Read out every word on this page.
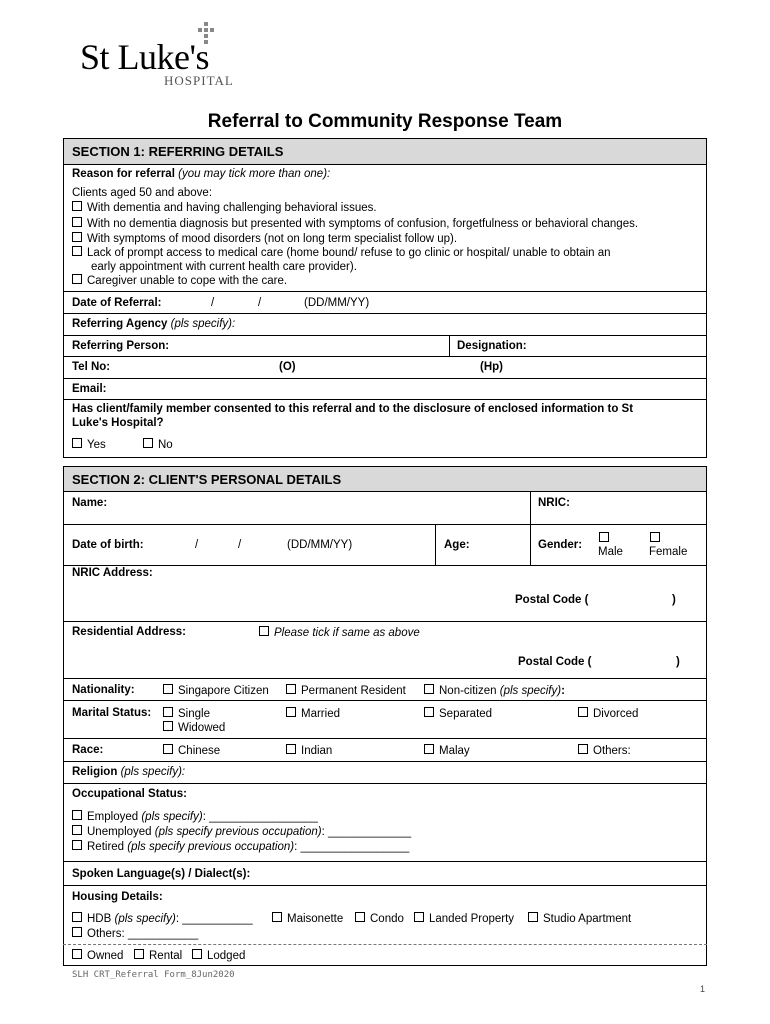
St Luke's
HOSPITAL
Referral to Community Response Team
SECTION 1: REFERRING DETAILS
Reason for referral (you may tick more than one):
Clients aged 50 and above:
With dementia and having challenging behavioral issues.
With no dementia diagnosis but presented with symptoms of confusion, forgetfulness or behavioral changes.
With symptoms of mood disorders (not on long term specialist follow up).
Lack of prompt access to medical care (home bound/ refuse to go clinic or hospital/ unable to obtain an
early appointment with current health care provider).
Caregiver unable to cope with the care.
Date of Referral:	/	/	(DD/MM/YY)
Referring Agency (pls specify):
Referring Person:	Designation:
Tel No:	(O)	(Hp)
Email:
Has client/family member consented to this referral and to the disclosure of enclosed information to St
Luke's Hospital?
Yes	No
SECTION 2: CLIENT'S PERSONAL DETAILS
Name:	NRIC:
Date of birth:	/	/	(DD/MM/YY)	Age:	Gender:
Male Female
NRIC Address:
Postal Code (	)
Residential Address:	Please tick if same as above
Postal Code (	)
Nationality:	Singapore Citizen	Permanent Resident	Non-citizen (pls specify):
Marital Status:	Single	Married	Separated	Divorced
Widowed
Race:	Chinese	Indian	Malay	Others:
Religion (pls specify):
Occupational Status:
Employed (pls specify): _________________
Unemployed (pls specify previous occupation): _____________
Retired (pls specify previous occupation): _________________
Spoken Language(s) / Dialect(s):
Housing Details:
HDB (pls specify): ___________	Maisonette	Condo	Landed Property	Studio Apartment
Others: ___________
Owned	Rental	Lodged
SLH CRT_Referral Form_8Jun2020
1
